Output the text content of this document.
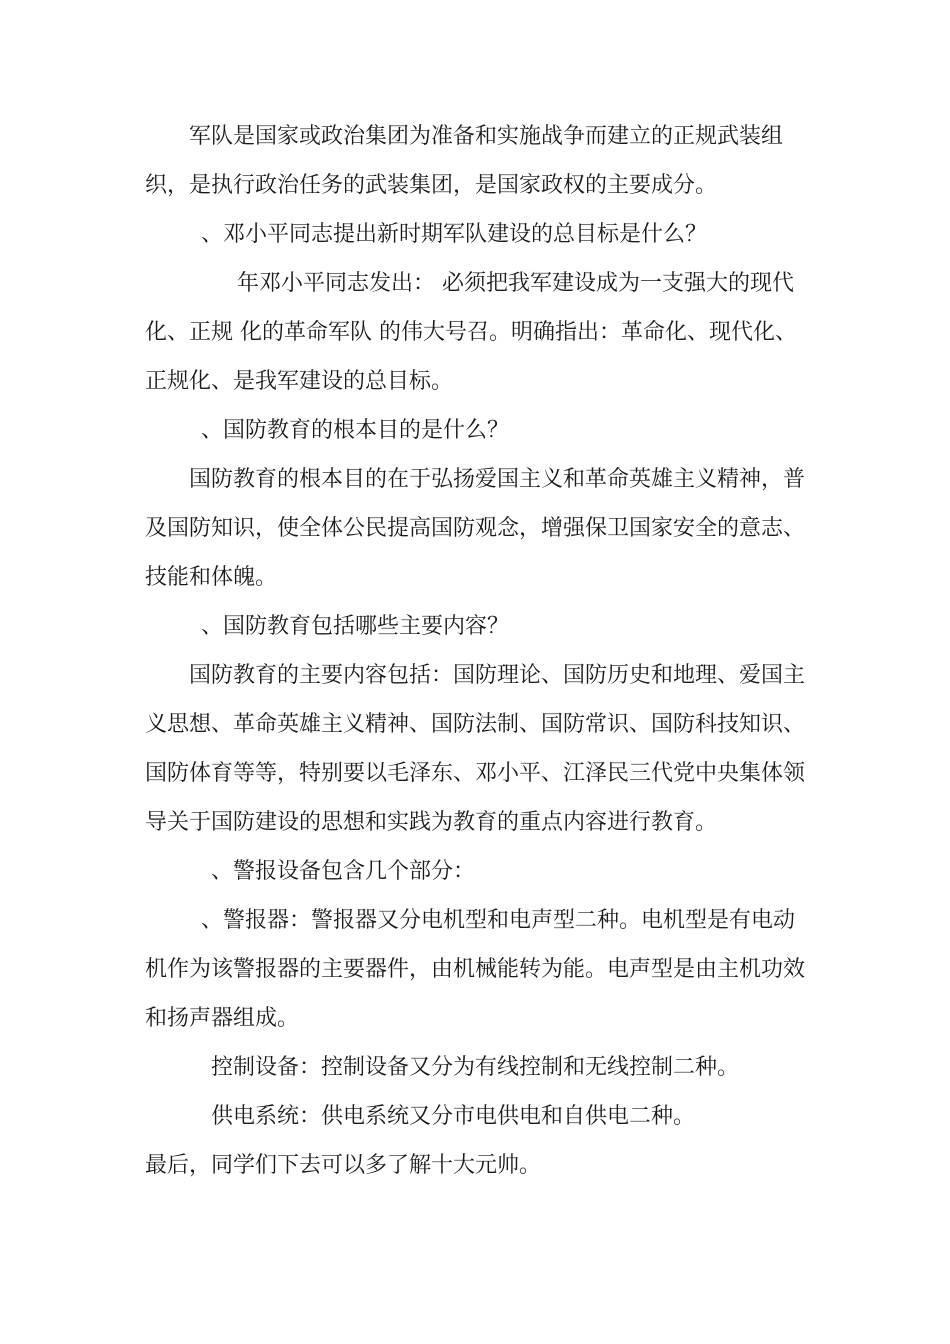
军队是国家或政治集团为准备和实施战争而建立的正规武装组织，是执行政治任务的武装集团，是国家政权的主要成分。

、邓小平同志提出新时期军队建设的总目标是什么？

年邓小平同志发出： 必须把我军建设成为一支强大的现代化、正规 化的革命军队 的伟大号召。明确指出：革命化、现代化、正规化、是我军建设的总目标。

、国防教育的根本目的是什么？

国防教育的根本目的在于弘扬爱国主义和革命英雄主义精神，普及国防知识，使全体公民提高国防观念，增强保卫国家安全的意志、技能和体魄。

、国防教育包括哪些主要内容？

国防教育的主要内容包括：国防理论、国防历史和地理、爱国主义思想、革命英雄主义精神、国防法制、国防常识、国防科技知识、国防体育等等，特别要以毛泽东、邓小平、江泽民三代党中央集体领导关于国防建设的思想和实践为教育的重点内容进行教育。

、警报设备包含几个部分：

、警报器：警报器又分电机型和电声型二种。电机型是有电动机作为该警报器的主要器件，由机械能转为能。电声型是由主机功效和扬声器组成。

控制设备：控制设备又分为有线控制和无线控制二种。

供电系统：供电系统又分市电供电和自供电二种。

最后，同学们下去可以多了解十大元帅。
